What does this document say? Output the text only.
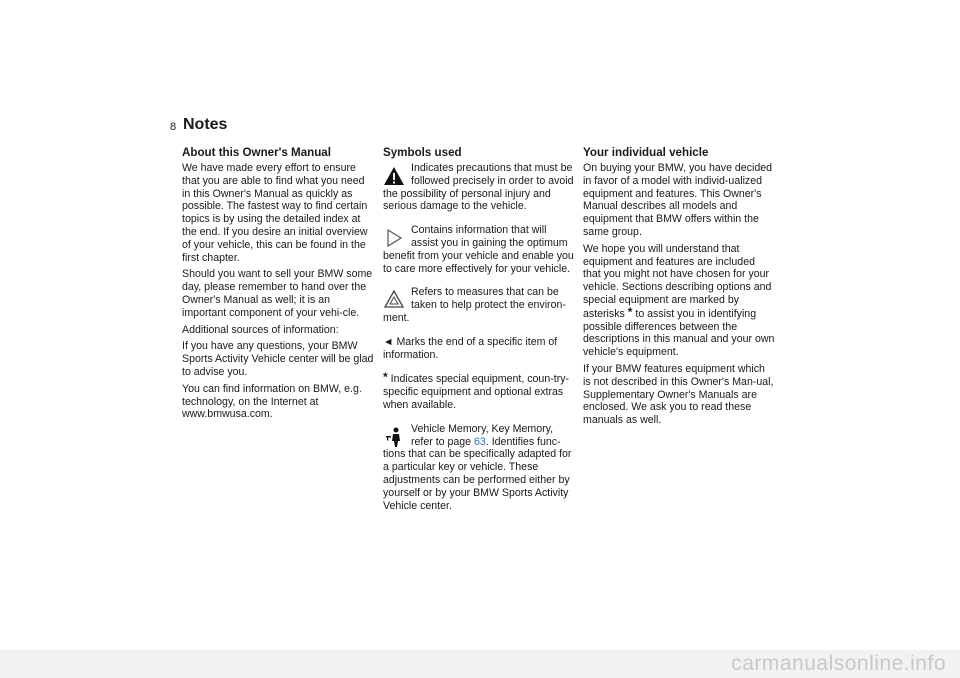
8 Notes
About this Owner's Manual

We have made every effort to ensure that you are able to find what you need in this Owner's Manual as quickly as possible. The fastest way to find certain topics is by using the detailed index at the end. If you desire an initial overview of your vehicle, this can be found in the first chapter.

Should you want to sell your BMW some day, please remember to hand over the Owner's Manual as well; it is an important component of your vehi-cle.

Additional sources of information:

If you have any questions, your BMW Sports Activity Vehicle center will be glad to advise you.

You can find information on BMW, e.g. technology, on the Internet at www.bmwusa.com.

Symbols used

Indicates precautions that must be followed precisely in order to avoid the possibility of personal injury and serious damage to the vehicle.

Contains information that will assist you in gaining the optimum benefit from your vehicle and enable you to care more effectively for your vehicle.

Refers to measures that can be taken to help protect the environ-ment.

◄ Marks the end of a specific item of information.

* Indicates special equipment, coun-try-specific equipment and optional extras when available.

Vehicle Memory, Key Memory, refer to page 63. Identifies func-tions that can be specifically adapted for a particular key or vehicle. These adjustments can be performed either by yourself or by your BMW Sports Activity Vehicle center.

Your individual vehicle

On buying your BMW, you have decided in favor of a model with individ-ualized equipment and features. This Owner's Manual describes all models and equipment that BMW offers within the same group.

We hope you will understand that equipment and features are included that you might not have chosen for your vehicle. Sections describing options and special equipment are marked by asterisks * to assist you in identifying possible differences between the descriptions in this manual and your own vehicle's equipment.

If your BMW features equipment which is not described in this Owner's Man-ual, Supplementary Owner's Manuals are enclosed. We ask you to read these manuals as well.

carmanualsonline.info
